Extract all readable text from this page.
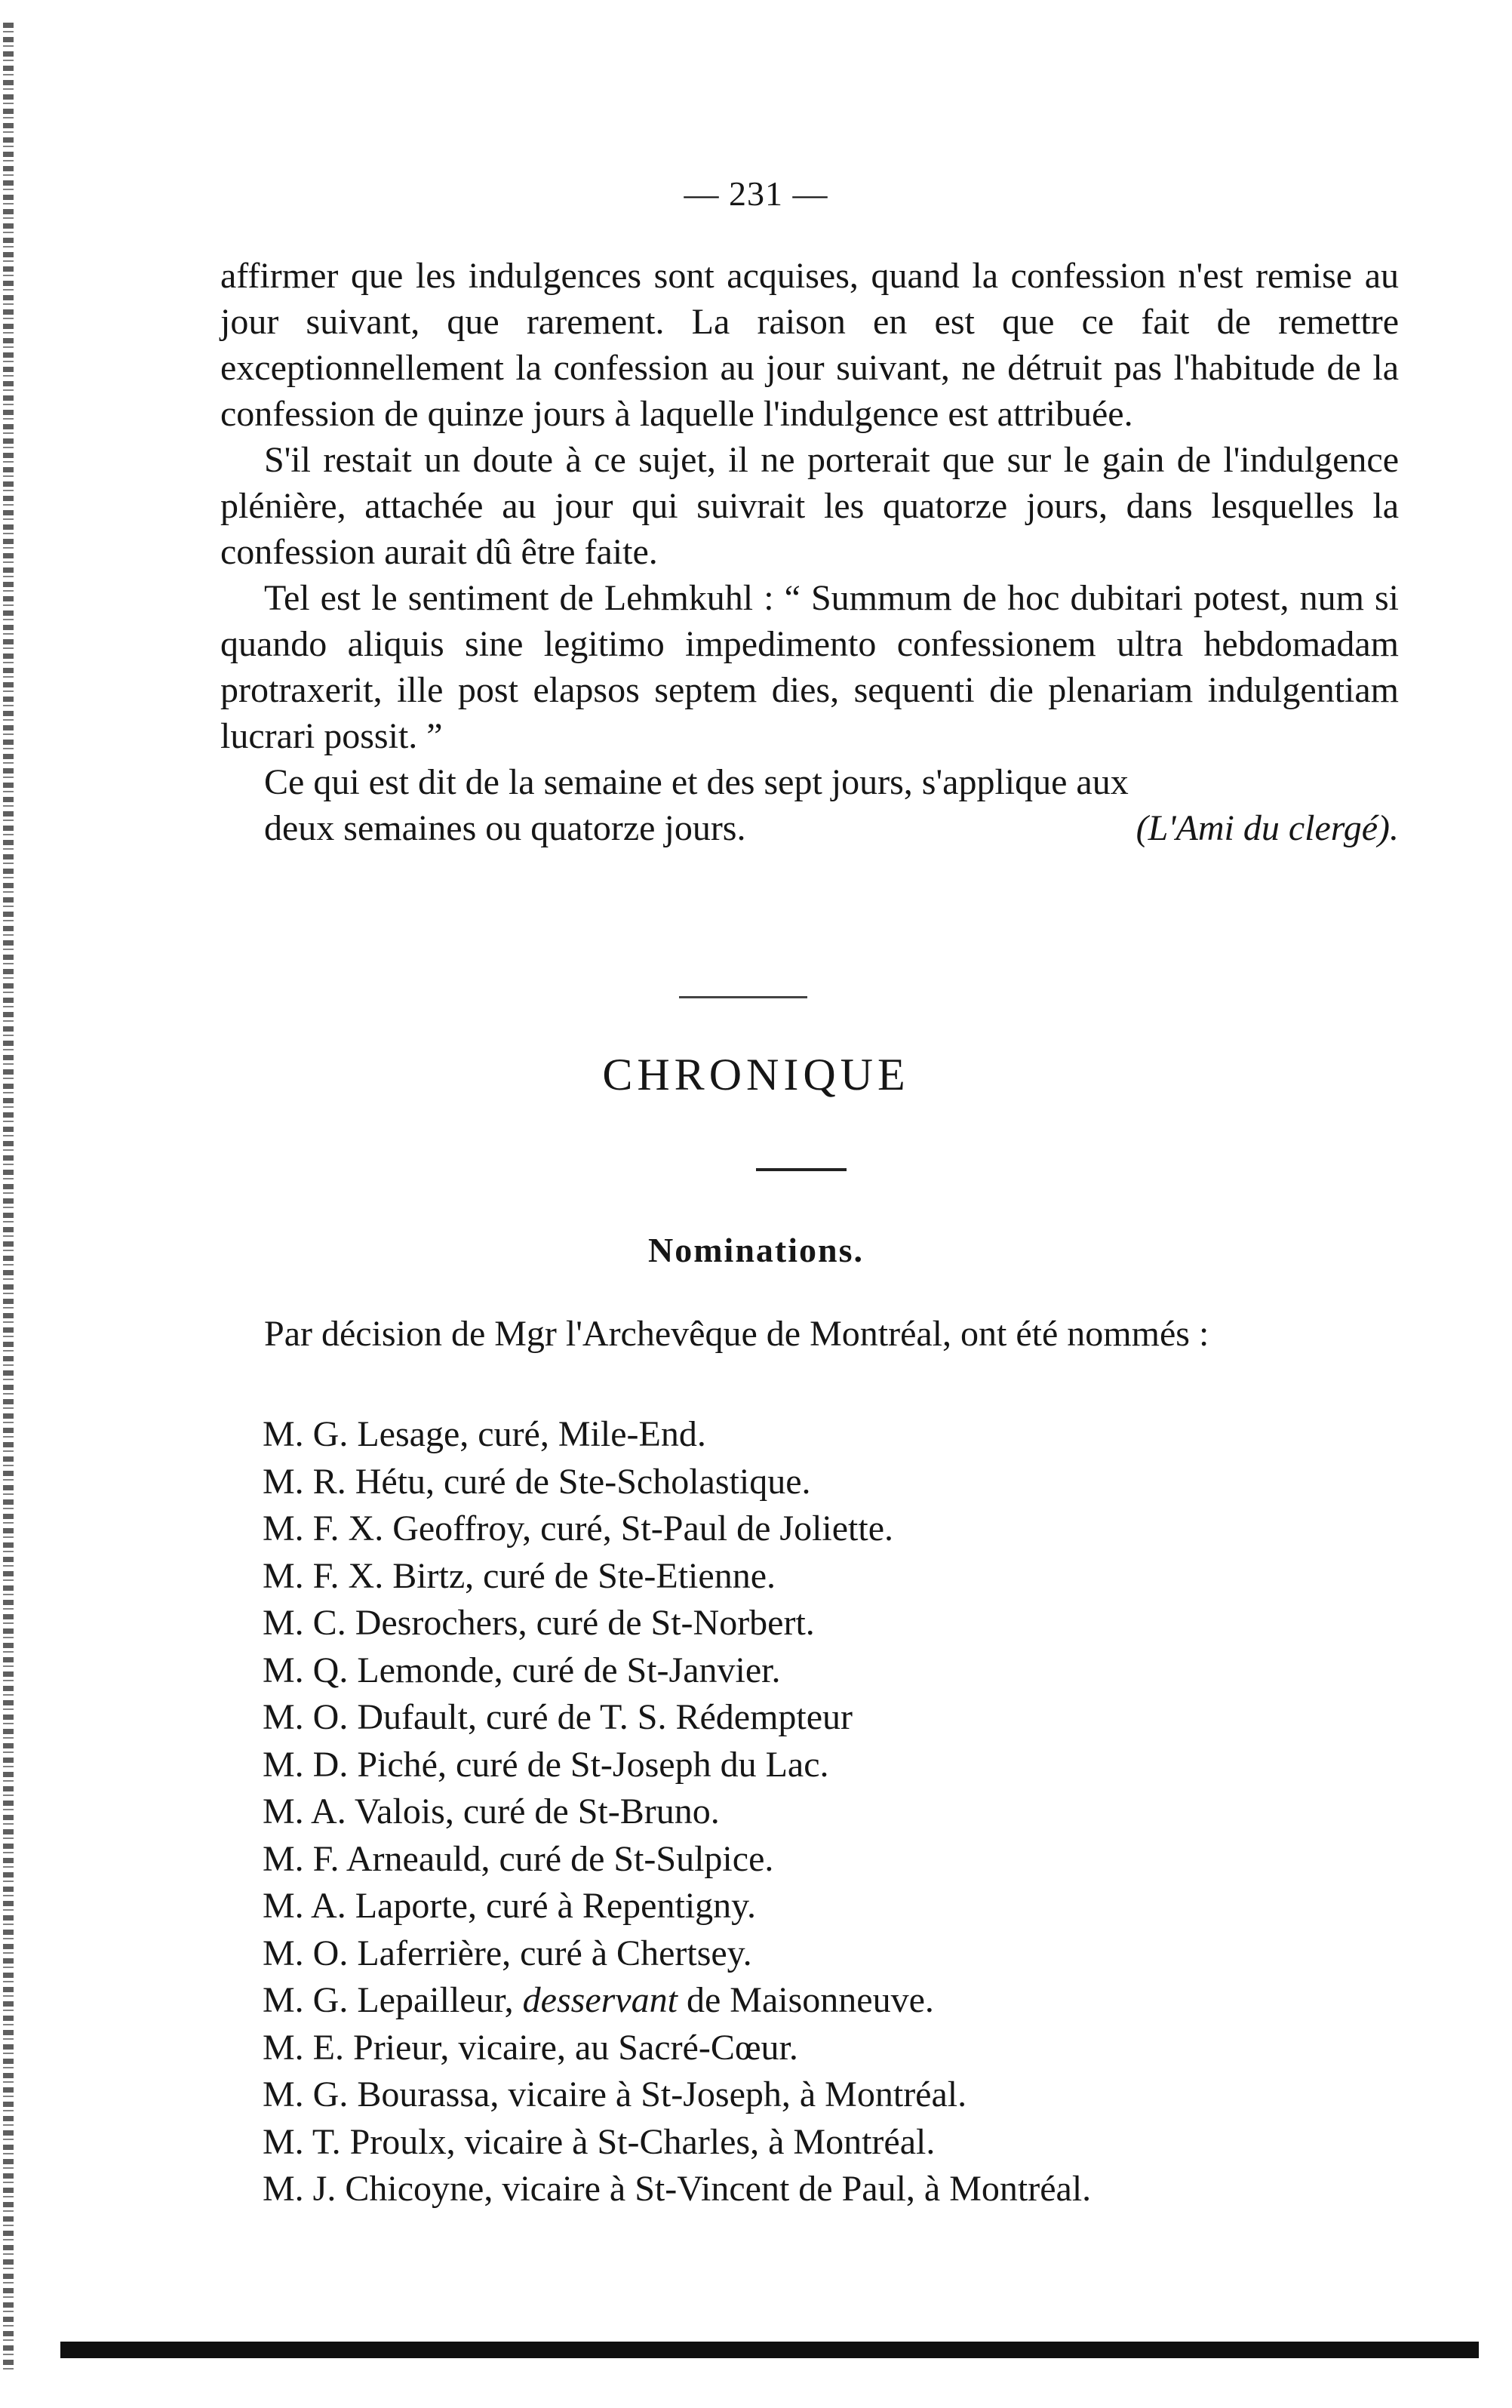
— 231 —

affirmer que les indulgences sont acquises, quand la confession n'est remise au jour suivant, que rarement. La raison en est que ce fait de remettre exceptionnellement la confession au jour suivant, ne détruit pas l'habitude de la confession de quinze jours à laquelle l'indulgence est attribuée.

S'il restait un doute à ce sujet, il ne porterait que sur le gain de l'indulgence plénière, attachée au jour qui suivrait les quatorze jours, dans lesquelles la confession aurait dû être faite.

Tel est le sentiment de Lehmkuhl : “ Summum de hoc dubitari potest, num si quando aliquis sine legitimo impedimento confessionem ultra hebdomadam protraxerit, ille post elapsos septem dies, sequenti die plenariam indulgentiam lucrari possit. ”

Ce qui est dit de la semaine et des sept jours, s'applique aux

deux semaines ou quatorze jours.	(L'Ami du clergé).
CHRONIQUE
Nominations.

Par décision de Mgr l'Archevêque de Montréal, ont été nommés :

M. G. Lesage, curé, Mile-End.
M. R. Hétu, curé de Ste-Scholastique.
M. F. X. Geoffroy, curé, St-Paul de Joliette.
M. F. X. Birtz, curé de Ste-Etienne.
M. C. Desrochers, curé de St-Norbert.
M. Q. Lemonde, curé de St-Janvier.
M. O. Dufault, curé de T. S. Rédempteur
M. D. Piché, curé de St-Joseph du Lac.
M. A. Valois, curé de St-Bruno.
M. F. Arneauld, curé de St-Sulpice.
M. A. Laporte, curé à Repentigny.
M. O. Laferrière, curé à Chertsey.
M. G. Lepailleur, desservant de Maisonneuve.
M. E. Prieur, vicaire, au Sacré-Cœur.
M. G. Bourassa, vicaire à St-Joseph, à Montréal.
M. T. Proulx, vicaire à St-Charles, à Montréal.
M. J. Chicoyne, vicaire à St-Vincent de Paul, à Montréal.
